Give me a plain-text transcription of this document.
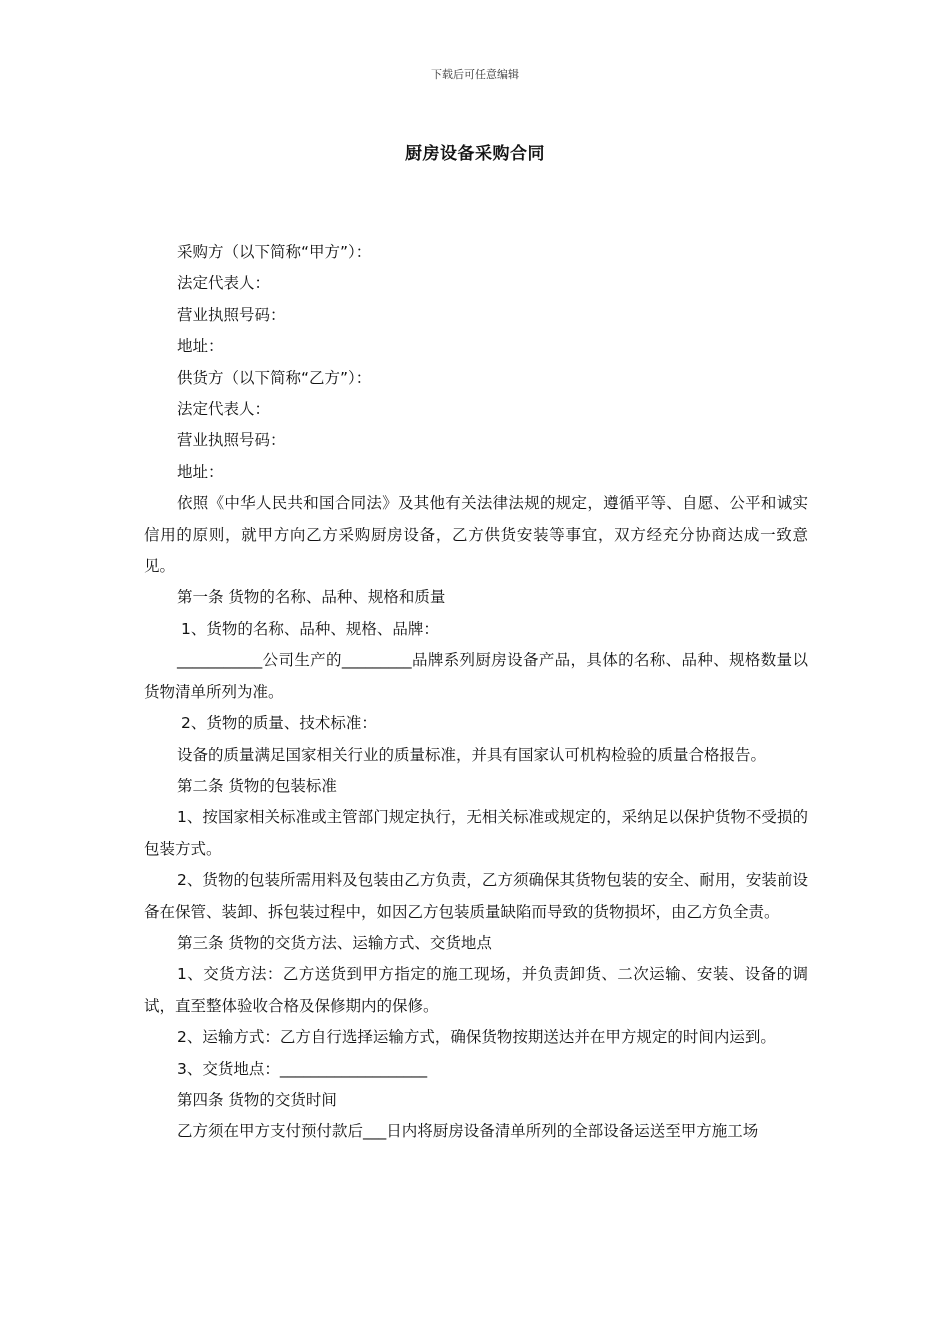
下载后可任意编辑
厨房设备采购合同

采购方（以下简称“甲方”）：

法定代表人：

营业执照号码：

地址：

供货方（以下简称“乙方”）：

法定代表人：

营业执照号码：

地址：

依照《中华人民共和国合同法》及其他有关法律法规的规定，遵循平等、自愿、公平和诚实信用的原则，就甲方向乙方采购厨房设备，乙方供货安装等事宜，双方经充分协商达成一致意见。

第一条 货物的名称、品种、规格和质量

1、货物的名称、品种、规格、品牌：

___________公司生产的_________品牌系列厨房设备产品，具体的名称、品种、规格数量以货物清单所列为准。

2、货物的质量、技术标准：

设备的质量满足国家相关行业的质量标准，并具有国家认可机构检验的质量合格报告。

第二条 货物的包装标准

1、按国家相关标准或主管部门规定执行，无相关标准或规定的，采纳足以保护货物不受损的包装方式。

2、货物的包装所需用料及包装由乙方负责，乙方须确保其货物包装的安全、耐用，安装前设备在保管、装卸、拆包装过程中，如因乙方包装质量缺陷而导致的货物损坏，由乙方负全责。

第三条 货物的交货方法、运输方式、交货地点

1、交货方法：乙方送货到甲方指定的施工现场，并负责卸货、二次运输、安装、设备的调试，直至整体验收合格及保修期内的保修。

2、运输方式：乙方自行选择运输方式，确保货物按期送达并在甲方规定的时间内运到。

3、交货地点：___________________

第四条 货物的交货时间

乙方须在甲方支付预付款后___日内将厨房设备清单所列的全部设备运送至甲方施工场
